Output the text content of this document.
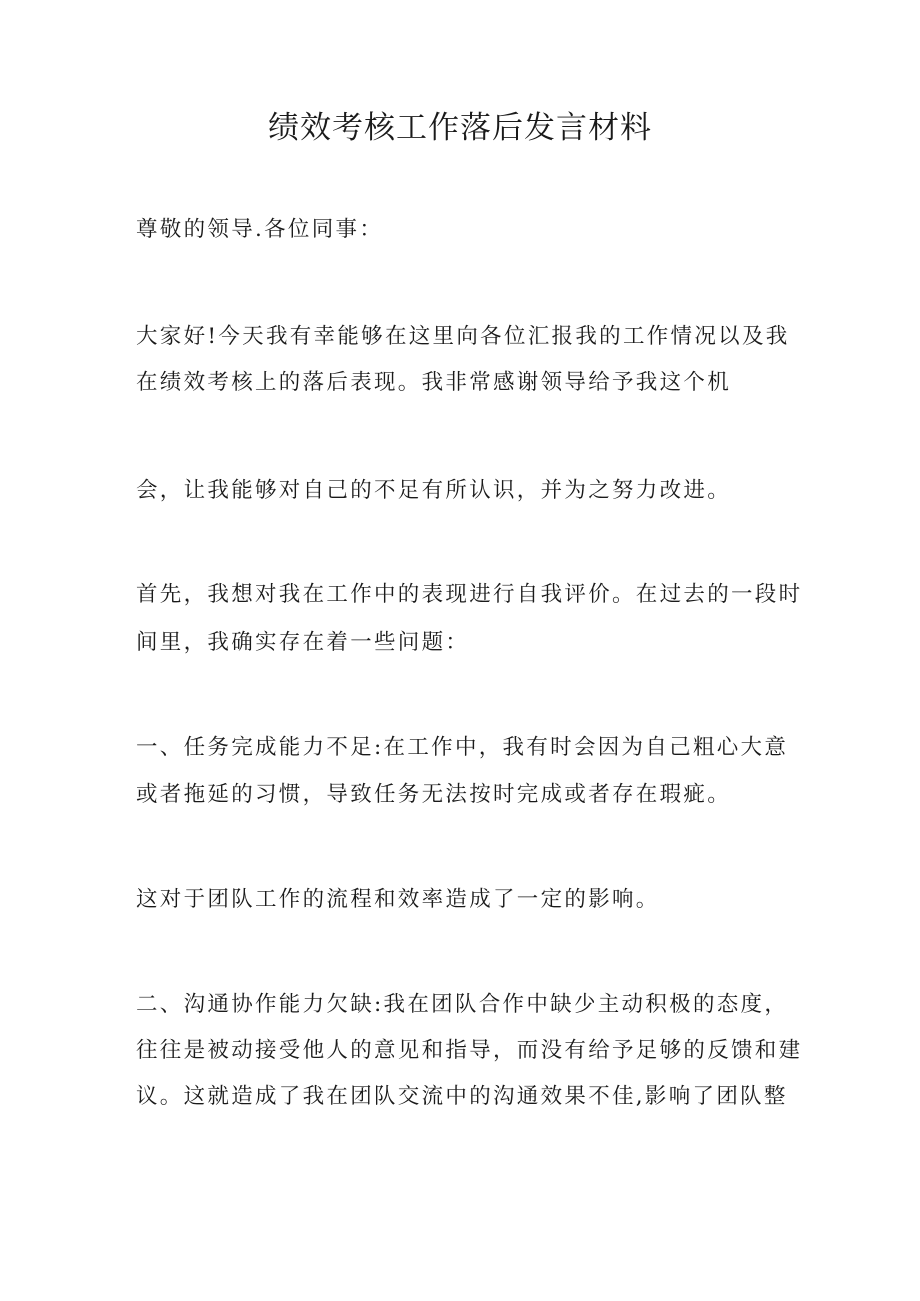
绩效考核工作落后发言材料

尊敬的领导.各位同事：

大家好!今天我有幸能够在这里向各位汇报我的工作情况以及我

在绩效考核上的落后表现。我非常感谢领导给予我这个机

会，让我能够对自己的不足有所认识，并为之努力改进。

首先，我想对我在工作中的表现进行自我评价。在过去的一段时

间里，我确实存在着一些问题：

一、任务完成能力不足:在工作中，我有时会因为自己粗心大意

或者拖延的习惯，导致任务无法按时完成或者存在瑕疵。

这对于团队工作的流程和效率造成了一定的影响。

二、沟通协作能力欠缺:我在团队合作中缺少主动积极的态度，

往往是被动接受他人的意见和指导，而没有给予足够的反馈和建

议。这就造成了我在团队交流中的沟通效果不佳,影响了团队整
